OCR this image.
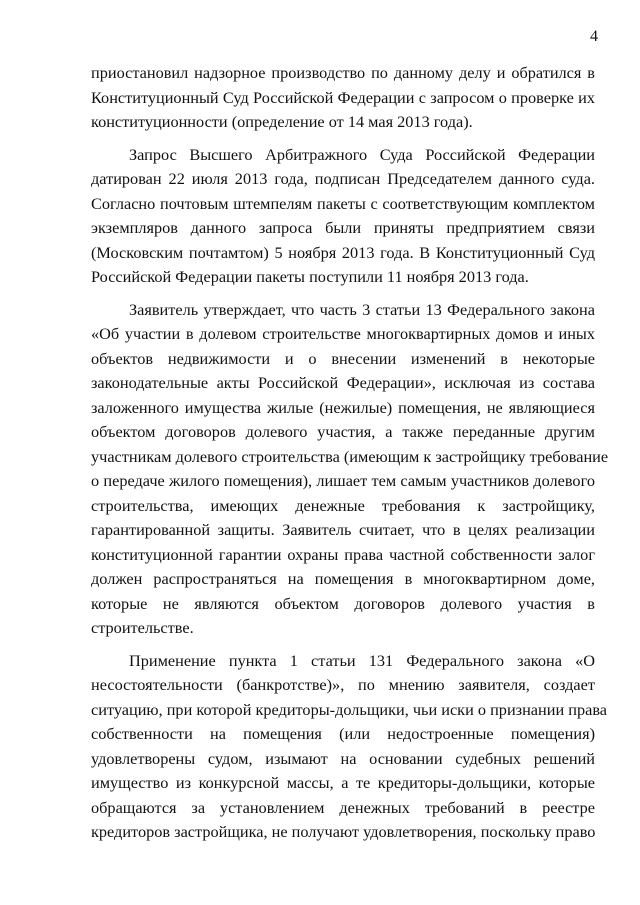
4
приостановил надзорное производство по данному делу и обратился в
Конституционный Суд Российской Федерации с запросом о проверке их
конституционности (определение от 14 мая 2013 года).
Запрос Высшего Арбитражного Суда Российской Федерации
датирован 22 июля 2013 года, подписан Председателем данного суда.
Согласно почтовым штемпелям пакеты с соответствующим комплектом
экземпляров данного запроса были приняты предприятием связи
(Московским почтамтом) 5 ноября 2013 года. В Конституционный Суд
Российской Федерации пакеты поступили 11 ноября 2013 года.
Заявитель утверждает, что часть 3 статьи 13 Федерального закона
«Об участии в долевом строительстве многоквартирных домов и иных
объектов недвижимости и о внесении изменений в некоторые
законодательные акты Российской Федерации», исключая из состава
заложенного имущества жилые (нежилые) помещения, не являющиеся
объектом договоров долевого участия, а также переданные другим
участникам долевого строительства (имеющим к застройщику требование
о передаче жилого помещения), лишает тем самым участников долевого
строительства, имеющих денежные требования к застройщику,
гарантированной защиты. Заявитель считает, что в целях реализации
конституционной гарантии охраны права частной собственности залог
должен распространяться на помещения в многоквартирном доме,
которые не являются объектом договоров долевого участия в
строительстве.
Применение пункта 1 статьи 131 Федерального закона «О
несостоятельности (банкротстве)», по мнению заявителя, создает
ситуацию, при которой кредиторы-дольщики, чьи иски о признании права
собственности на помещения (или недостроенные помещения)
удовлетворены судом, изымают на основании судебных решений
имущество из конкурсной массы, а те кредиторы-дольщики, которые
обращаются за установлением денежных требований в реестре
кредиторов застройщика, не получают удовлетворения, поскольку право
